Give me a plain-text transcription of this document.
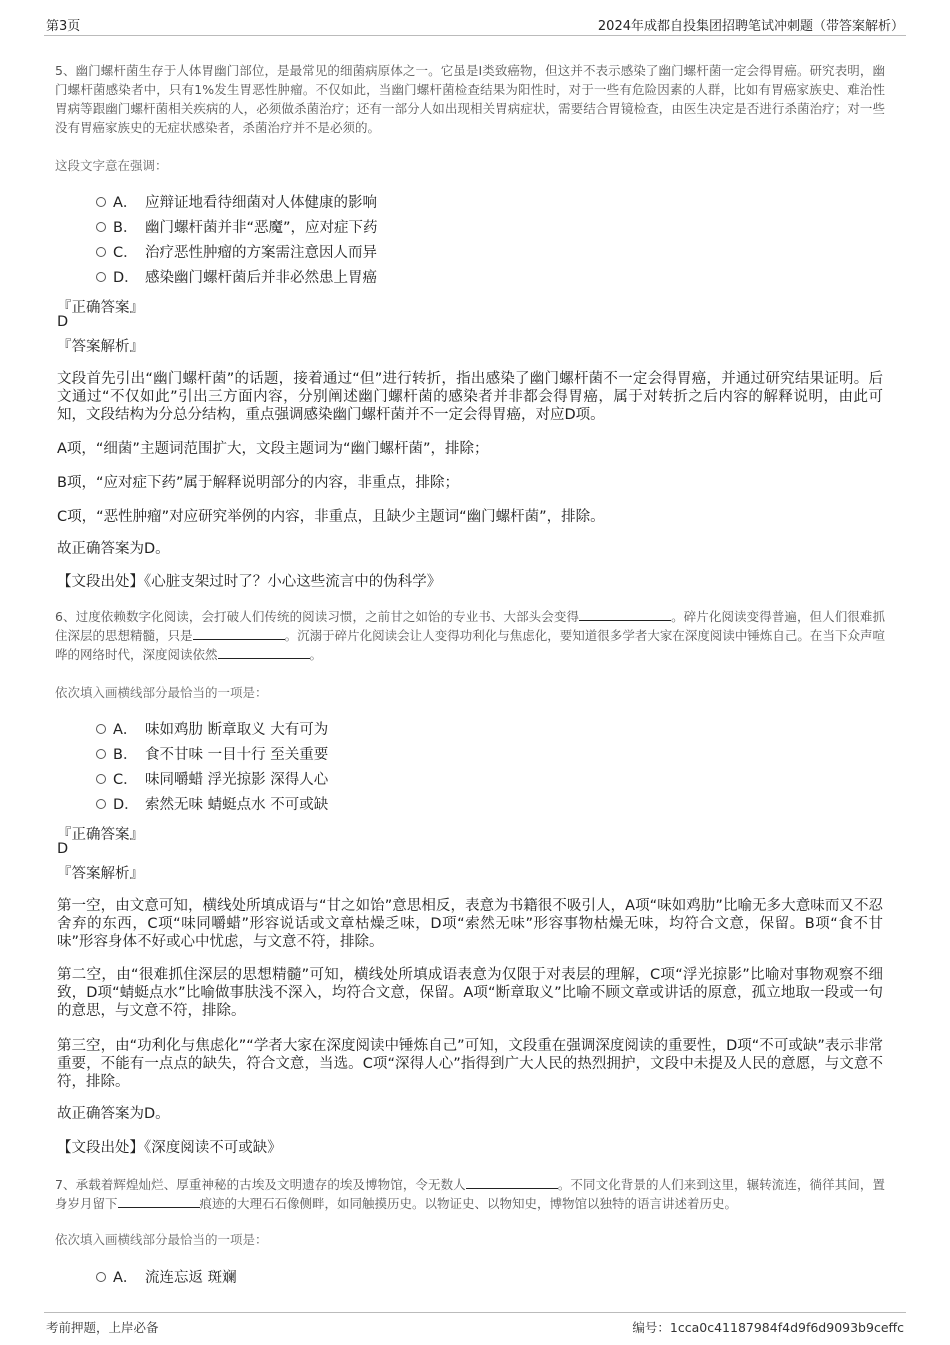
第3页	2024年成都自投集团招聘笔试冲刺题（带答案解析）

5、幽门螺杆菌生存于人体胃幽门部位，是最常见的细菌病原体之一。它虽是I类致癌物，但这并不表示感染了幽门螺杆菌一定会得胃癌。研究表明，幽门螺杆菌感染者中，只有1%发生胃恶性肿瘤。不仅如此，当幽门螺杆菌检查结果为阳性时，对于一些有危险因素的人群，比如有胃癌家族史、难治性胃病等跟幽门螺杆菌相关疾病的人，必须做杀菌治疗；还有一部分人如出现相关胃病症状，需要结合胃镜检查，由医生决定是否进行杀菌治疗；对一些没有胃癌家族史的无症状感染者，杀菌治疗并不是必须的。

这段文字意在强调：
A． 应辩证地看待细菌对人体健康的影响
B． 幽门螺杆菌并非“恶魔”，应对症下药
C． 治疗恶性肿瘤的方案需注意因人而异
D． 感染幽门螺杆菌后并非必然患上胃癌
『正确答案』
D
『答案解析』

文段首先引出“幽门螺杆菌”的话题，接着通过“但”进行转折，指出感染了幽门螺杆菌不一定会得胃癌，并通过研究结果证明。后文通过“不仅如此”引出三方面内容，分别阐述幽门螺杆菌的感染者并非都会得胃癌，属于对转折之后内容的解释说明，由此可知，文段结构为分总分结构，重点强调感染幽门螺杆菌并不一定会得胃癌，对应D项。

A项，“细菌”主题词范围扩大，文段主题词为“幽门螺杆菌”，排除；

B项，“应对症下药”属于解释说明部分的内容，非重点，排除；

C项，“恶性肿瘤”对应研究举例的内容，非重点，且缺少主题词“幽门螺杆菌”，排除。

故正确答案为D。

【文段出处】《心脏支架过时了？小心这些流言中的伪科学》

6、过度依赖数字化阅读，会打破人们传统的阅读习惯，之前甘之如饴的专业书、大部头会变得	。碎片化阅读变得普遍，但人们很难抓住深层的思想精髓，只是	。沉溺于碎片化阅读会让人变得功利化与焦虑化，要知道很多学者大家在深度阅读中锤炼自己。在当下众声喧哗的网络时代，深度阅读依然	。

依次填入画横线部分最恰当的一项是：
A． 味如鸡肋 断章取义 大有可为
B． 食不甘味 一目十行 至关重要
C． 味同嚼蜡 浮光掠影 深得人心
D． 索然无味 蜻蜓点水 不可或缺
『正确答案』
D
『答案解析』

第一空，由文意可知，横线处所填成语与“甘之如饴”意思相反，表意为书籍很不吸引人，A项“味如鸡肋”比喻无多大意味而又不忍舍弃的东西，C项“味同嚼蜡”形容说话或文章枯燥乏味，D项“索然无味”形容事物枯燥无味，均符合文意，保留。B项“食不甘味”形容身体不好或心中忧虑，与文意不符，排除。

第二空，由“很难抓住深层的思想精髓”可知，横线处所填成语表意为仅限于对表层的理解，C项“浮光掠影”比喻对事物观察不细致，D项“蜻蜓点水”比喻做事肤浅不深入，均符合文意，保留。A项“断章取义”比喻不顾文章或讲话的原意，孤立地取一段或一句的意思，与文意不符，排除。

第三空，由“功利化与焦虑化”“学者大家在深度阅读中锤炼自己”可知，文段重在强调深度阅读的重要性，D项“不可或缺”表示非常重要，不能有一点点的缺失，符合文意，当选。C项“深得人心”指得到广大人民的热烈拥护，文段中未提及人民的意愿，与文意不符，排除。

故正确答案为D。

【文段出处】《深度阅读不可或缺》

7、承载着辉煌灿烂、厚重神秘的古埃及文明遗存的埃及博物馆，令无数人	。不同文化背景的人们来到这里，辗转流连，徜徉其间，置身岁月留下	痕迹的大理石石像侧畔，如同触摸历史。以物证史、以物知史，博物馆以独特的语言讲述着历史。

依次填入画横线部分最恰当的一项是：
A． 流连忘返 斑斓
考前押题，上岸必备	编号：1cca0c41187984f4d9f6d9093b9ceffc
